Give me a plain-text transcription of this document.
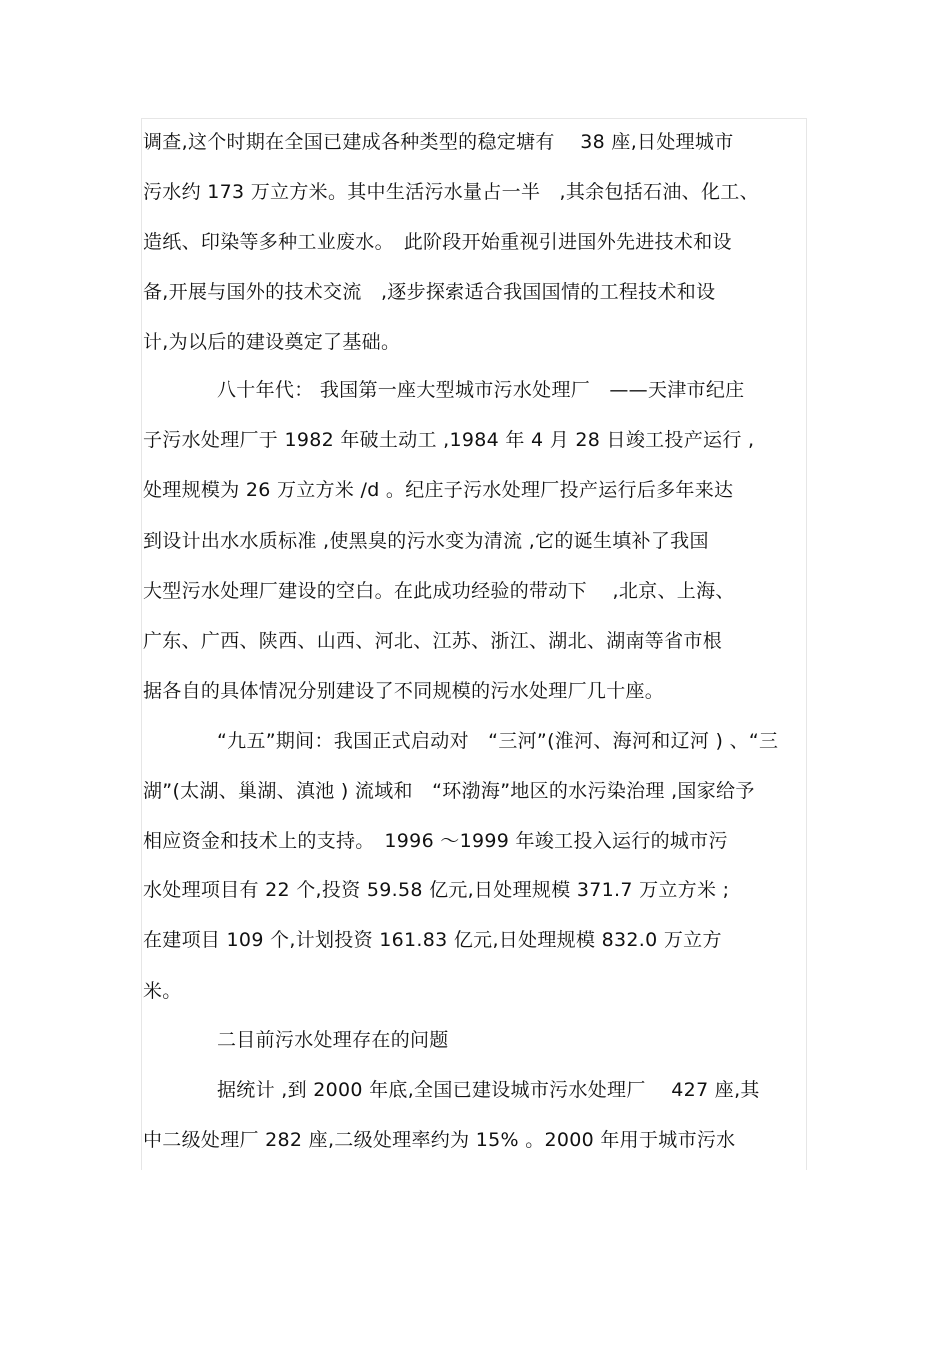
调查,这个时期在全国已建成各种类型的稳定塘有　 38 座,日处理城市
污水约 173 万立方米。其中生活污水量占一半　,其余包括石油、化工、
造纸、印染等多种工业废水。　此阶段开始重视引进国外先进技术和设
备,开展与国外的技术交流　,逐步探索适合我国国情的工程技术和设
计,为以后的建设奠定了基础。
八十年代： 我国第一座大型城市污水处理厂　——天津市纪庄
子污水处理厂于 1982 年破土动工 ,1984 年 4 月 28 日竣工投产运行 ,
处理规模为 26 万立方米 /d 。纪庄子污水处理厂投产运行后多年来达
到设计出水水质标准 ,使黑臭的污水变为清流 ,它的诞生填补了我国
大型污水处理厂建设的空白。在此成功经验的带动下　 ,北京、上海、
广东、广西、陕西、山西、河北、江苏、浙江、湖北、湖南等省市根
据各自的具体情况分别建设了不同规模的污水处理厂几十座。
“九五”期间：我国正式启动对　“三河”(淮河、海河和辽河 ) 、“三
湖”(太湖、巢湖、滇池 ) 流域和　“环渤海”地区的水污染治理 ,国家给予
相应资金和技术上的支持。　1996 ～1999 年竣工投入运行的城市污
水处理项目有 22 个,投资 59.58 亿元,日处理规模 371.7 万立方米 ;
在建项目 109 个,计划投资 161.83 亿元,日处理规模 832.0 万立方
米。
二目前污水处理存在的问题
据统计 ,到 2000 年底,全国已建设城市污水处理厂　 427 座,其
中二级处理厂 282 座,二级处理率约为 15% 。2000 年用于城市污水
